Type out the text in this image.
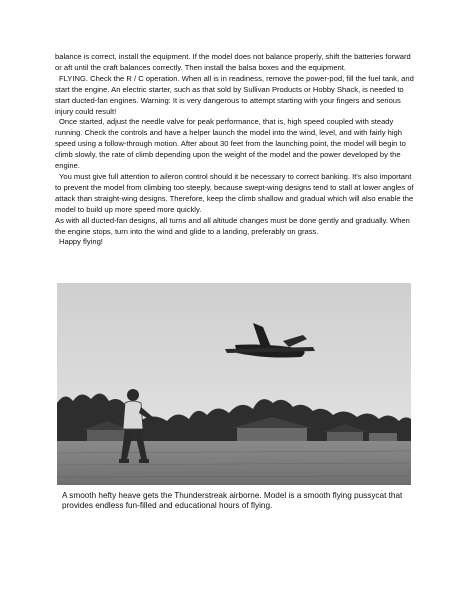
balance is correct, install the equipment. If the model does not balance properly, shift the batteries forward or aft until the craft balances correctly. Then install the balsa boxes and the equipment.

FLYING. Check the R / C operation. When all is in readiness, remove the power-pod, fill the fuel tank, and start the engine. An electric starter, such as that sold by Sullivan Products or Hobby Shack, is needed to start ducted-fan engines. Warning: It is very dangerous to attempt starting with your fingers and serious injury could result!

Once started, adjust the needle valve for peak performance, that is, high speed coupled with steady running. Check the controls and have a helper launch the model into the wind, level, and with fairly high speed using a follow-through motion. After about 30 feet from the launching point, the model will begin to climb slowly, the rate of climb depending upon the weight of the model and the power developed by the engine.

You must give full attention to aileron control should it be necessary to correct banking. It's also important to prevent the model from climbing too steeply, because swept-wing designs tend to stall at lower angles of attack than straight-wing designs. Therefore, keep the climb shallow and gradual which will also enable the model to build up more speed more quickly.

As with all ducted-fan designs, all turns and all altitude changes must be done gently and gradually. When the engine stops, turn into the wind and glide to a landing, preferably on grass.

Happy flying!

A smooth hefty heave gets the Thunderstreak airborne. Model is a smooth flying pussycat that provides endless fun-filled and educational hours of flying.
